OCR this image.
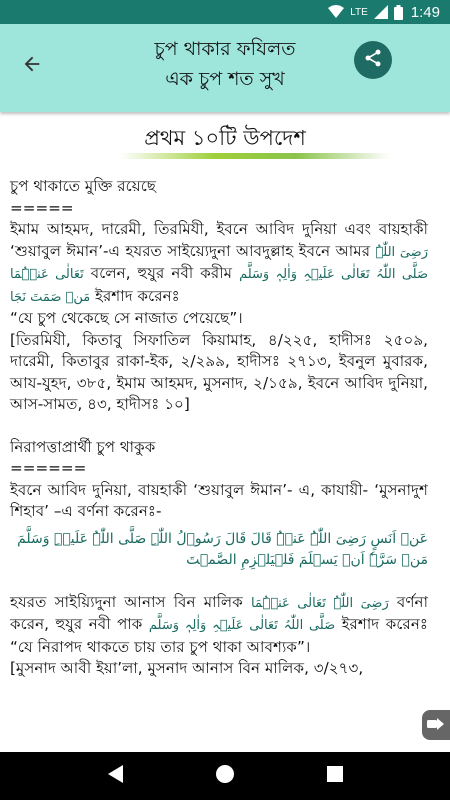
LTE	1:49
চুপ থাকার ফযিলত
এক চুপ শত সুখ
প্রথম ১০টি উপদেশ

চুপ থাকাতে মুক্তি রয়েছে

=====

ইমাম আহমদ, দারেমী, তিরমিযী, ইবনে আবিদ দুনিয়া এবং বায়হাকী ‘শুয়াবুল ঈমান’-এ হযরত সাইয়্যেদুনা আবদুল্লাহ ইবনে আমর رَضِیَ اللّٰہُ تَعَالٰی عَنۡہُمَا বলেন, হুযুর নবী করীম صَلَّی اللّٰہُ تَعَالٰی عَلَیۡہِ وَاٰلِہٖ وَسَلَّم مَنۡ صَمَتَ نَجَا ইরশাদ করেনঃ

“যে চুপ থেকেছে সে নাজাত পেয়েছে”।

[তিরমিযী, কিতাবু সিফাতিল কিয়ামাহ, ৪/২২৫, হাদীসঃ ২৫০৯, দারেমী, কিতাবুর রাকা-ইক, ২/২৯৯, হাদীসঃ ২৭১৩, ইবনুল মুবারক, আয-যুহদ, ৩৮৫, ইমাম আহমদ, মুসনাদ, ২/১৫৯, ইবনে আবিদ দুনিয়া, আস-সামত, ৪৩, হাদীসঃ ১০]

নিরাপত্তাপ্রার্থী চুপ থাকুক

======

ইবনে আবিদ দুনিয়া, বায়হাকী ‘শুয়াবুল ঈমান’- এ, কাযায়ী- ‘মুসনাদুশ শিহাব’ –এ বর্ণনা করেনঃ-

عَنۡ اَنَسٍ رَضِیَ اللّٰہُ عَنۡہُ قَالَ قَالَ رَسُوۡلُ اللّٰہِ صَلَّی اللّٰہُ عَلَیۡہِ وَسَلَّمَ

مَنۡ سَرَّہٗ اَنۡ یَسۡلَمَ فَلۡیَلۡزِمِ الصَّمۡتَ

হযরত সাইয়্যিদুনা আনাস বিন মালিক رَضِیَ اللّٰہُ تَعَالٰی عَنۡہُمَا বর্ণনা করেন, হুযুর নবী পাক صَلَّی اللّٰہُ تَعَالٰی عَلَیۡہِ وَاٰلِہٖ وَسَلَّم ইরশাদ করেনঃ “যে নিরাপদ থাকতে চায় তার চুপ থাকা আবশ্যক”।

[মুসনাদ আবী ইয়া’লা, মুসনাদ আনাস বিন মালিক, ৩/২৭৩,
